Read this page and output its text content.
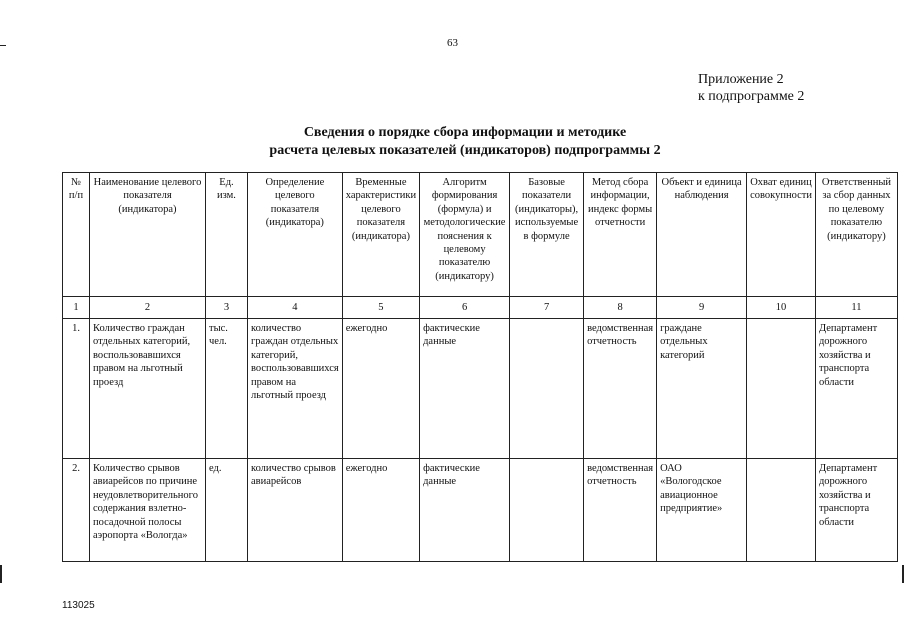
63
Приложение 2
к подпрограмме 2
Сведения о порядке сбора информации и методике
расчета целевых показателей (индикаторов) подпрограммы 2
№ п/п	Наименование целевого показателя (индикатора)	Ед. изм.	Определение целевого показателя (индикатора)	Временные характеристики целевого показателя (индикатора)	Алгоритм формирования (формула) и методологические пояснения к целевому показателю (индикатору)	Базовые показатели (индикаторы), используемые в формуле	Метод сбора информации, индекс формы отчетности	Объект и единица наблюдения	Охват единиц совокупности	Ответственный за сбор данных по целевому показателю (индикатору)
1	2	3	4	5	6	7	8	9	10	11
1.	Количество граждан отдельных категорий, воспользовавшихся правом на льготный проезд	тыс. чел.	количество граждан отдельных категорий, воспользовавшихся правом на льготный проезд	ежегодно	фактические данные		ведомственная отчетность	граждане отдельных категорий		Департамент дорожного хозяйства и транспорта области
2.	Количество срывов авиарейсов по причине неудовлетворительного содержания взлетно-посадочной полосы аэропорта «Вологда»	ед.	количество срывов авиарейсов	ежегодно	фактические данные		ведомственная отчетность	ОАО «Вологодское авиационное предприятие»		Департамент дорожного хозяйства и транспорта области
113025
